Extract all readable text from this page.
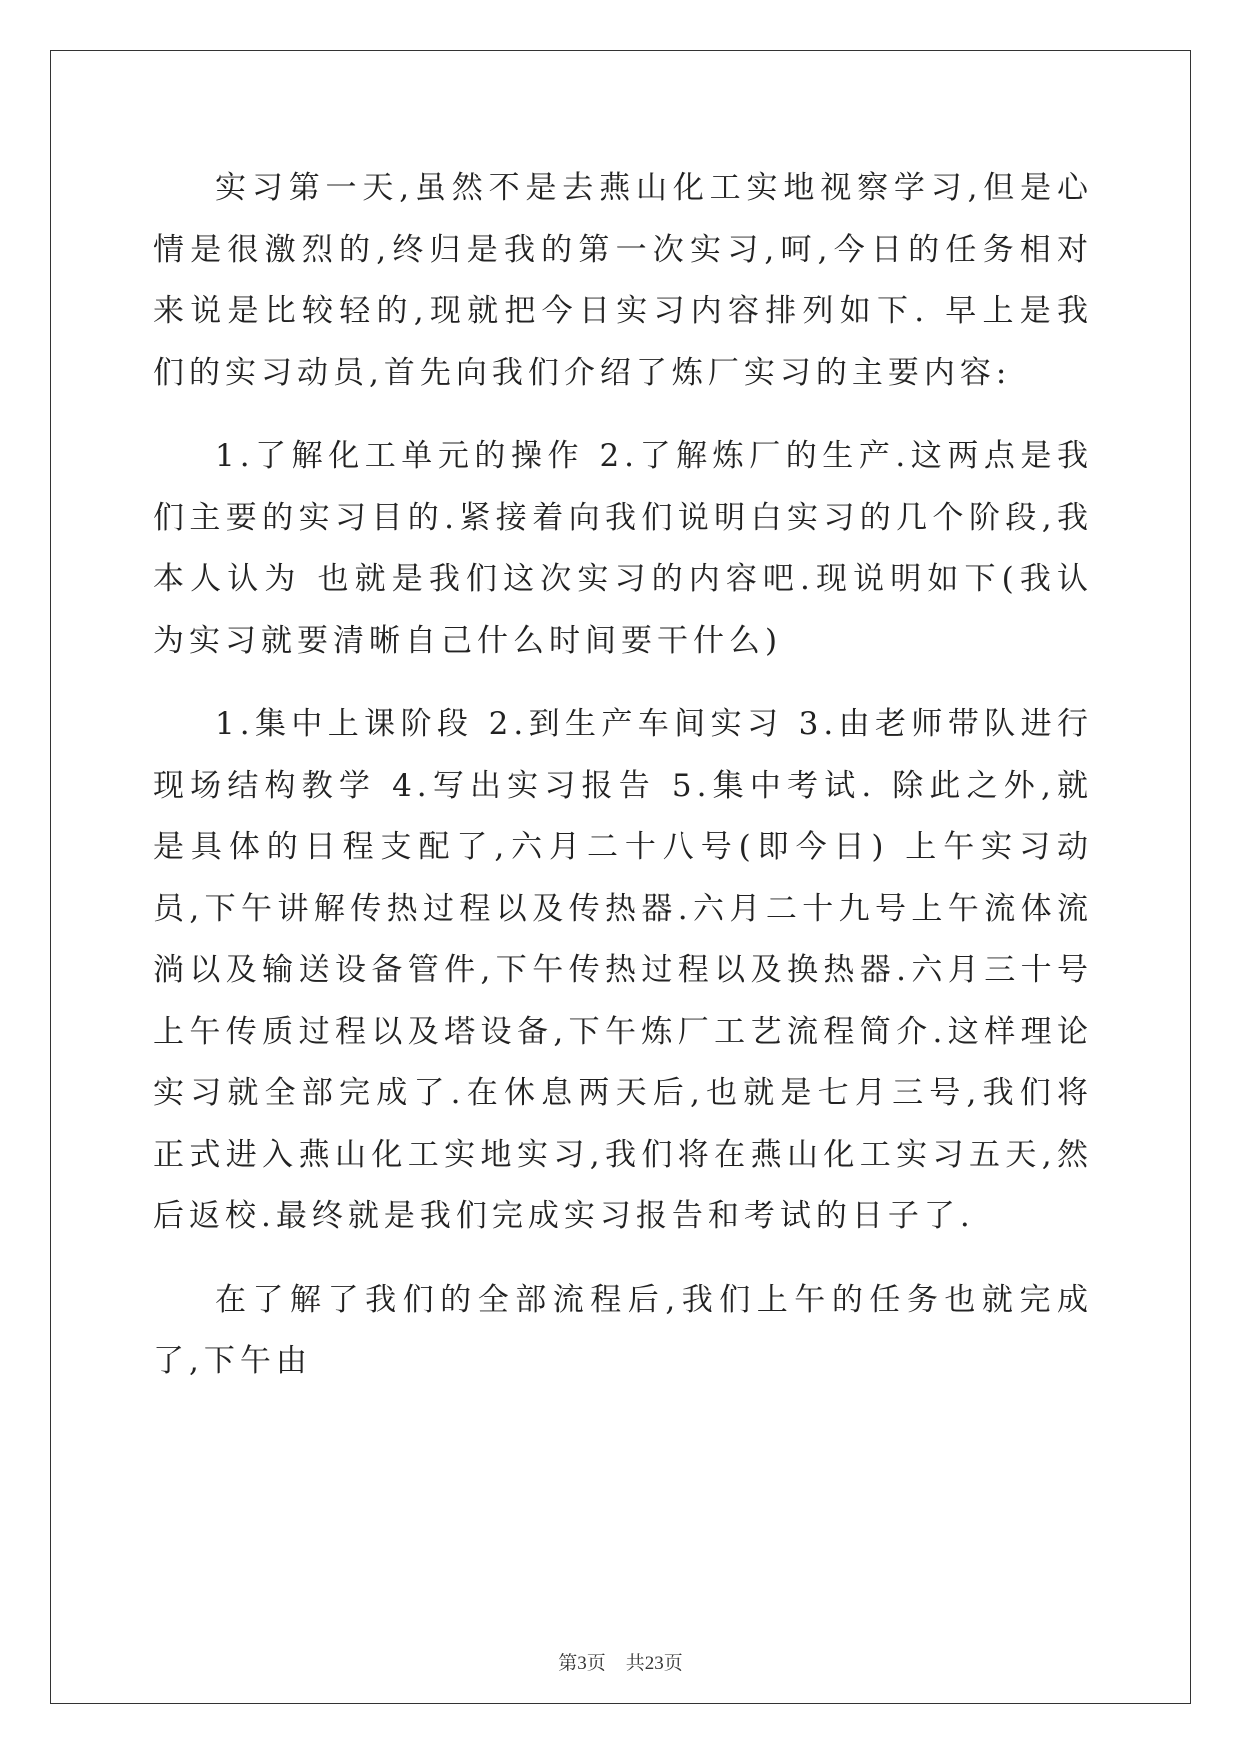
实习第一天,虽然不是去燕山化工实地视察学习,但是心情是很激烈的,终归是我的第一次实习,呵,今日的任务相对来说是比较轻的,现就把今日实习内容排列如下. 早上是我们的实习动员,首先向我们介绍了炼厂实习的主要内容:

1.了解化工单元的操作 2.了解炼厂的生产.这两点是我们主要的实习目的.紧接着向我们说明白实习的几个阶段,我本人认为 也就是我们这次实习的内容吧.现说明如下(我认为实习就要清晰自己什么时间要干什么)

1.集中上课阶段 2.到生产车间实习 3.由老师带队进行现场结构教学 4.写出实习报告 5.集中考试. 除此之外,就是具体的日程支配了,六月二十八号(即今日) 上午实习动员,下午讲解传热过程以及传热器.六月二十九号上午流体流淌以及输送设备管件,下午传热过程以及换热器.六月三十号上午传质过程以及塔设备,下午炼厂工艺流程简介.这样理论实习就全部完成了.在休息两天后,也就是七月三号,我们将正式进入燕山化工实地实习,我们将在燕山化工实习五天,然后返校.最终就是我们完成实习报告和考试的日子了.

在了解了我们的全部流程后,我们上午的任务也就完成了,下午由

第3页 共23页
